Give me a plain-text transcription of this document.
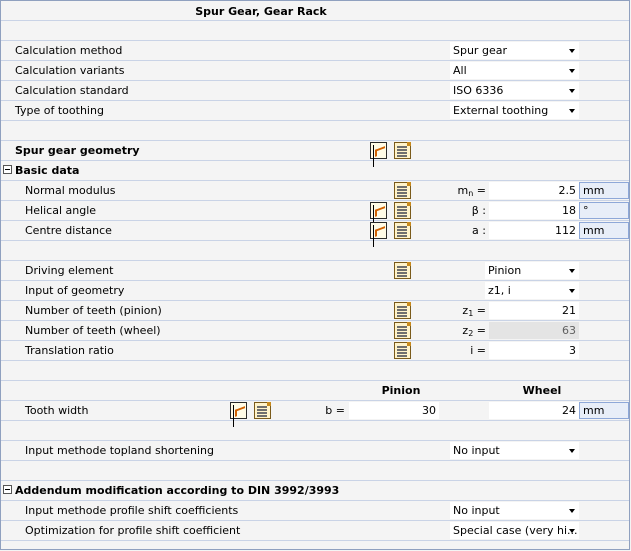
Spur Gear, Gear Rack
Calculation method	Spur gear
Calculation variants	All
Calculation standard	ISO 6336
Type of toothing	External toothing
Spur gear geometry
Basic data
Normal modulus	$m_n$ =	2.5 mm
Helical angle	β :	18 °
Centre distance	a :	112 mm
Driving element	Pinion
Input of geometry	z1, i
Number of teeth (pinion)	$z_1$ =	21
Number of teeth (wheel)	$z_2$ =	63
Translation ratio	i =	3
Pinion	Wheel
Tooth width	b =	30	24 mm
Input methode topland shortening	No input
Addendum modification according to DIN 3992/3993
Input methode profile shift coefficients	No input
Optimization for profile shift coefficient	Special case (very hi...
